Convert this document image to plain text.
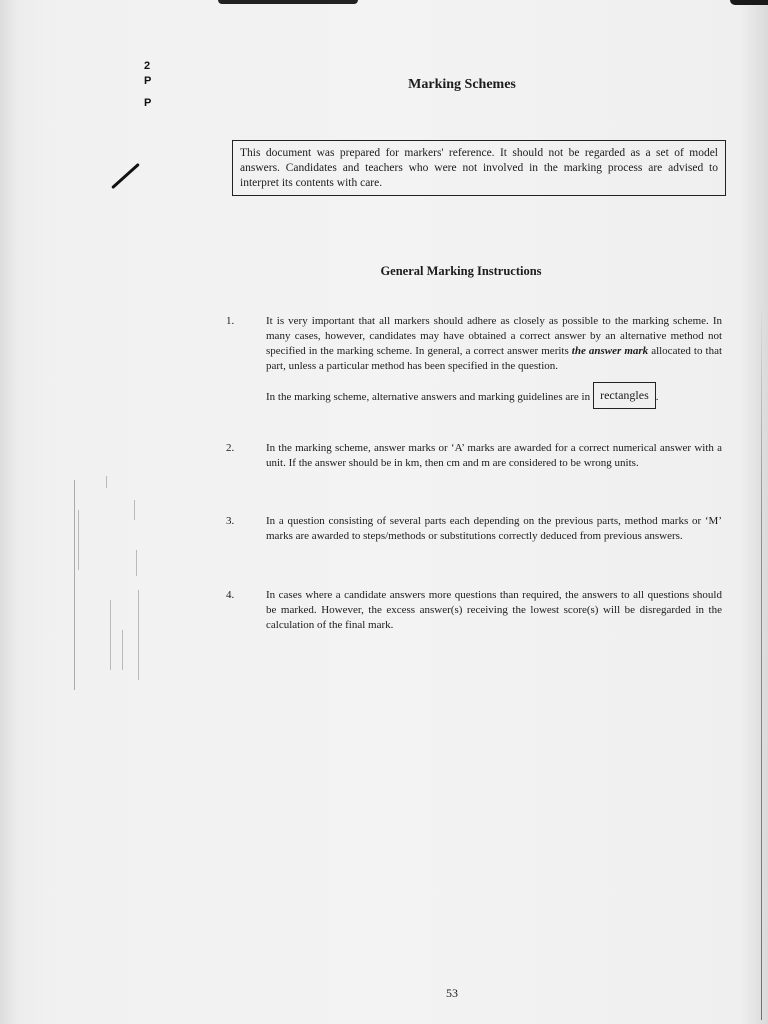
2
P
P
Marking Schemes
This document was prepared for markers' reference. It should not be regarded as a set of model answers. Candidates and teachers who were not involved in the marking process are advised to interpret its contents with care.
General Marking Instructions
1.	It is very important that all markers should adhere as closely as possible to the marking scheme. In many cases, however, candidates may have obtained a correct answer by an alternative method not specified in the marking scheme. In general, a correct answer merits the answer mark allocated to that part, unless a particular method has been specified in the question.
In the marking scheme, alternative answers and marking guidelines are in rectangles .
2.	In the marking scheme, answer marks or ‘A’ marks are awarded for a correct numerical answer with a unit. If the answer should be in km, then cm and m are considered to be wrong units.
3.	In a question consisting of several parts each depending on the previous parts, method marks or ‘M’ marks are awarded to steps/methods or substitutions correctly deduced from previous answers.
4.	In cases where a candidate answers more questions than required, the answers to all questions should be marked. However, the excess answer(s) receiving the lowest score(s) will be disregarded in the calculation of the final mark.
53
